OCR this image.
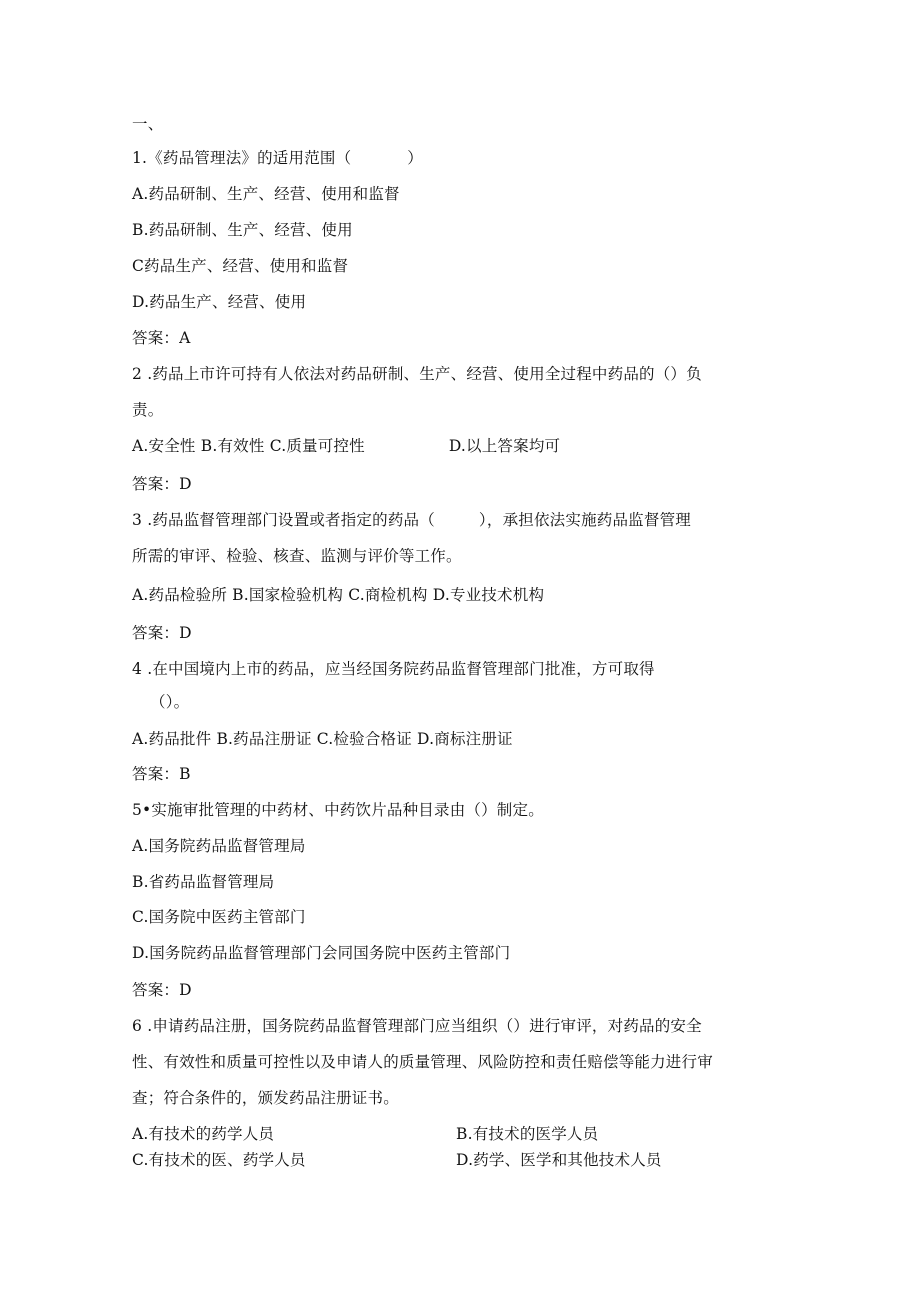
一、
1.《药品管理法》的适用范围（	）
A.药品研制、生产、经营、使用和监督
B.药品研制、生产、经营、使用
C药品生产、经营、使用和监督
D.药品生产、经营、使用
答案：A
2 .药品上市许可持有人依法对药品研制、生产、经营、使用全过程中药品的（）负
责。
A.安全性 B.有效性 C.质量可控性	D.以上答案均可
答案：D
3 .药品监督管理部门设置或者指定的药品（	），承担依法实施药品监督管理
所需的审评、检验、核查、监测与评价等工作。
A.药品检验所 B.国家检验机构 C.商检机构 D.专业技术机构
答案：D
4 .在中国境内上市的药品，应当经国务院药品监督管理部门批准，方可取得
（）。
A.药品批件 B.药品注册证 C.检验合格证 D.商标注册证
答案：B
5•实施审批管理的中药材、中药饮片品种目录由（）制定。
A.国务院药品监督管理局
B.省药品监督管理局
C.国务院中医药主管部门
D.国务院药品监督管理部门会同国务院中医药主管部门
答案：D
6 .申请药品注册，国务院药品监督管理部门应当组织（）进行审评，对药品的安全
性、有效性和质量可控性以及申请人的质量管理、风险防控和责任赔偿等能力进行审
查；符合条件的，颁发药品注册证书。
A.有技术的药学人员	B.有技术的医学人员
C.有技术的医、药学人员	D.药学、医学和其他技术人员
